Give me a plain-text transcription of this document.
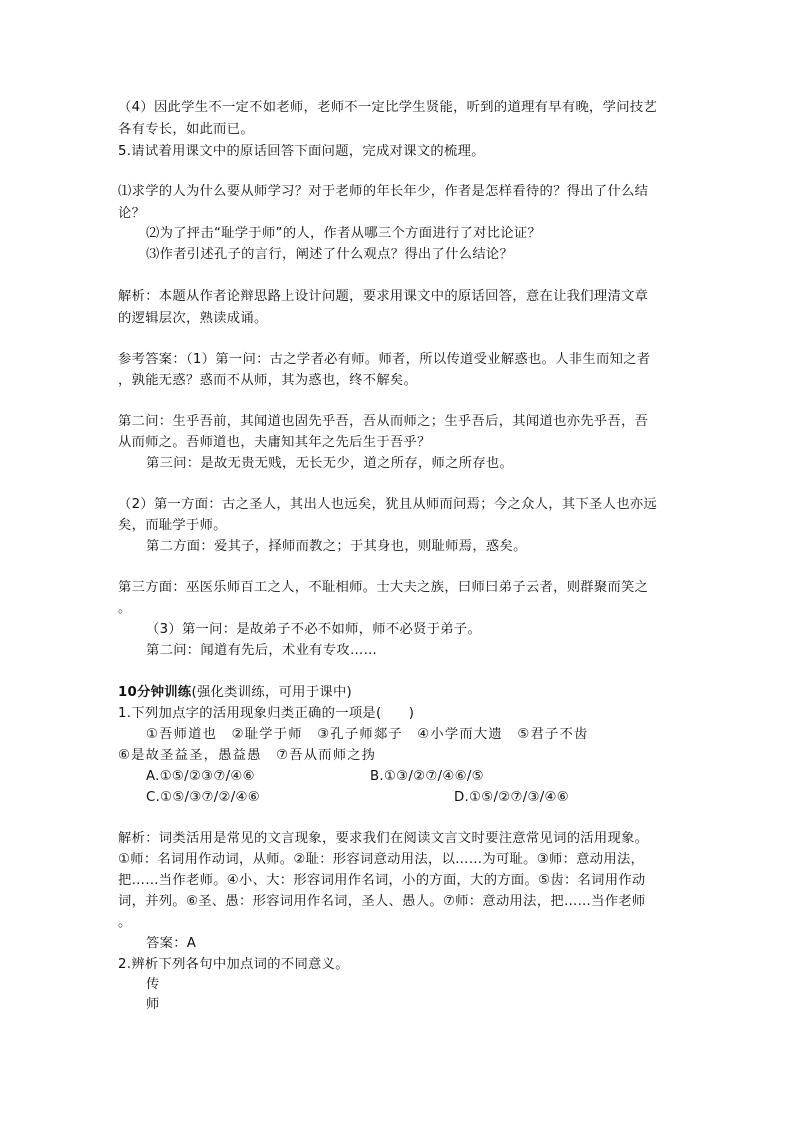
（4）因此学生不一定不如老师，老师不一定比学生贤能，听到的道理有早有晚，学问技艺
各有专长，如此而已。
5.请试着用课文中的原话回答下面问题，完成对课文的梳理。
⑴求学的人为什么要从师学习？对于老师的年长年少，作者是怎样看待的？得出了什么结
论？
⑵为了抨击“耻学于师”的人，作者从哪三个方面进行了对比论证？
⑶作者引述孔子的言行，阐述了什么观点？得出了什么结论？
解析：本题从作者论辩思路上设计问题，要求用课文中的原话回答，意在让我们理清文章
的逻辑层次，熟读成诵。
参考答案：（1）第一问：古之学者必有师。师者，所以传道受业解惑也。人非生而知之者
，孰能无惑？惑而不从师，其为惑也，终不解矣。
第二问：生乎吾前，其闻道也固先乎吾，吾从而师之；生乎吾后，其闻道也亦先乎吾，吾
从而师之。吾师道也，夫庸知其年之先后生于吾乎？
第三问：是故无贵无贱，无长无少，道之所存，师之所存也。
（2）第一方面：古之圣人，其出人也远矣，犹且从师而问焉；今之众人，其下圣人也亦远
矣，而耻学于师。
第二方面：爱其子，择师而教之；于其身也，则耻师焉，惑矣。
第三方面：巫医乐师百工之人，不耻相师。士大夫之族，曰师曰弟子云者，则群聚而笑之
。
（3）第一问：是故弟子不必不如师，师不必贤于弟子。
第二问：闻道有先后，术业有专攻……
10分钟训练(强化类训练，可用于课中)
1.下列加点字的活用现象归类正确的一项是(　　)
①吾师道也　②耻学于师　③孔子师郯子　④小学而大遗　⑤君子不齿
⑥是故圣益圣，愚益愚　⑦吾从而师之㧑
A.①⑤/②③⑦/④⑥	B.①③/②⑦/④⑥/⑤
C.①⑤/③⑦/②/④⑥	D.①⑤/②⑦/③/④⑥
解析：词类活用是常见的文言现象，要求我们在阅读文言文时要注意常见词的活用现象。
①师：名词用作动词，从师。②耻：形容词意动用法，以……为可耻。③师：意动用法，
把……当作老师。④小、大：形容词用作名词，小的方面，大的方面。⑤齿：名词用作动
词，并列。⑥圣、愚：形容词用作名词，圣人、愚人。⑦师：意动用法，把……当作老师
。
答案：A
2.辨析下列各句中加点词的不同意义。
传
师
